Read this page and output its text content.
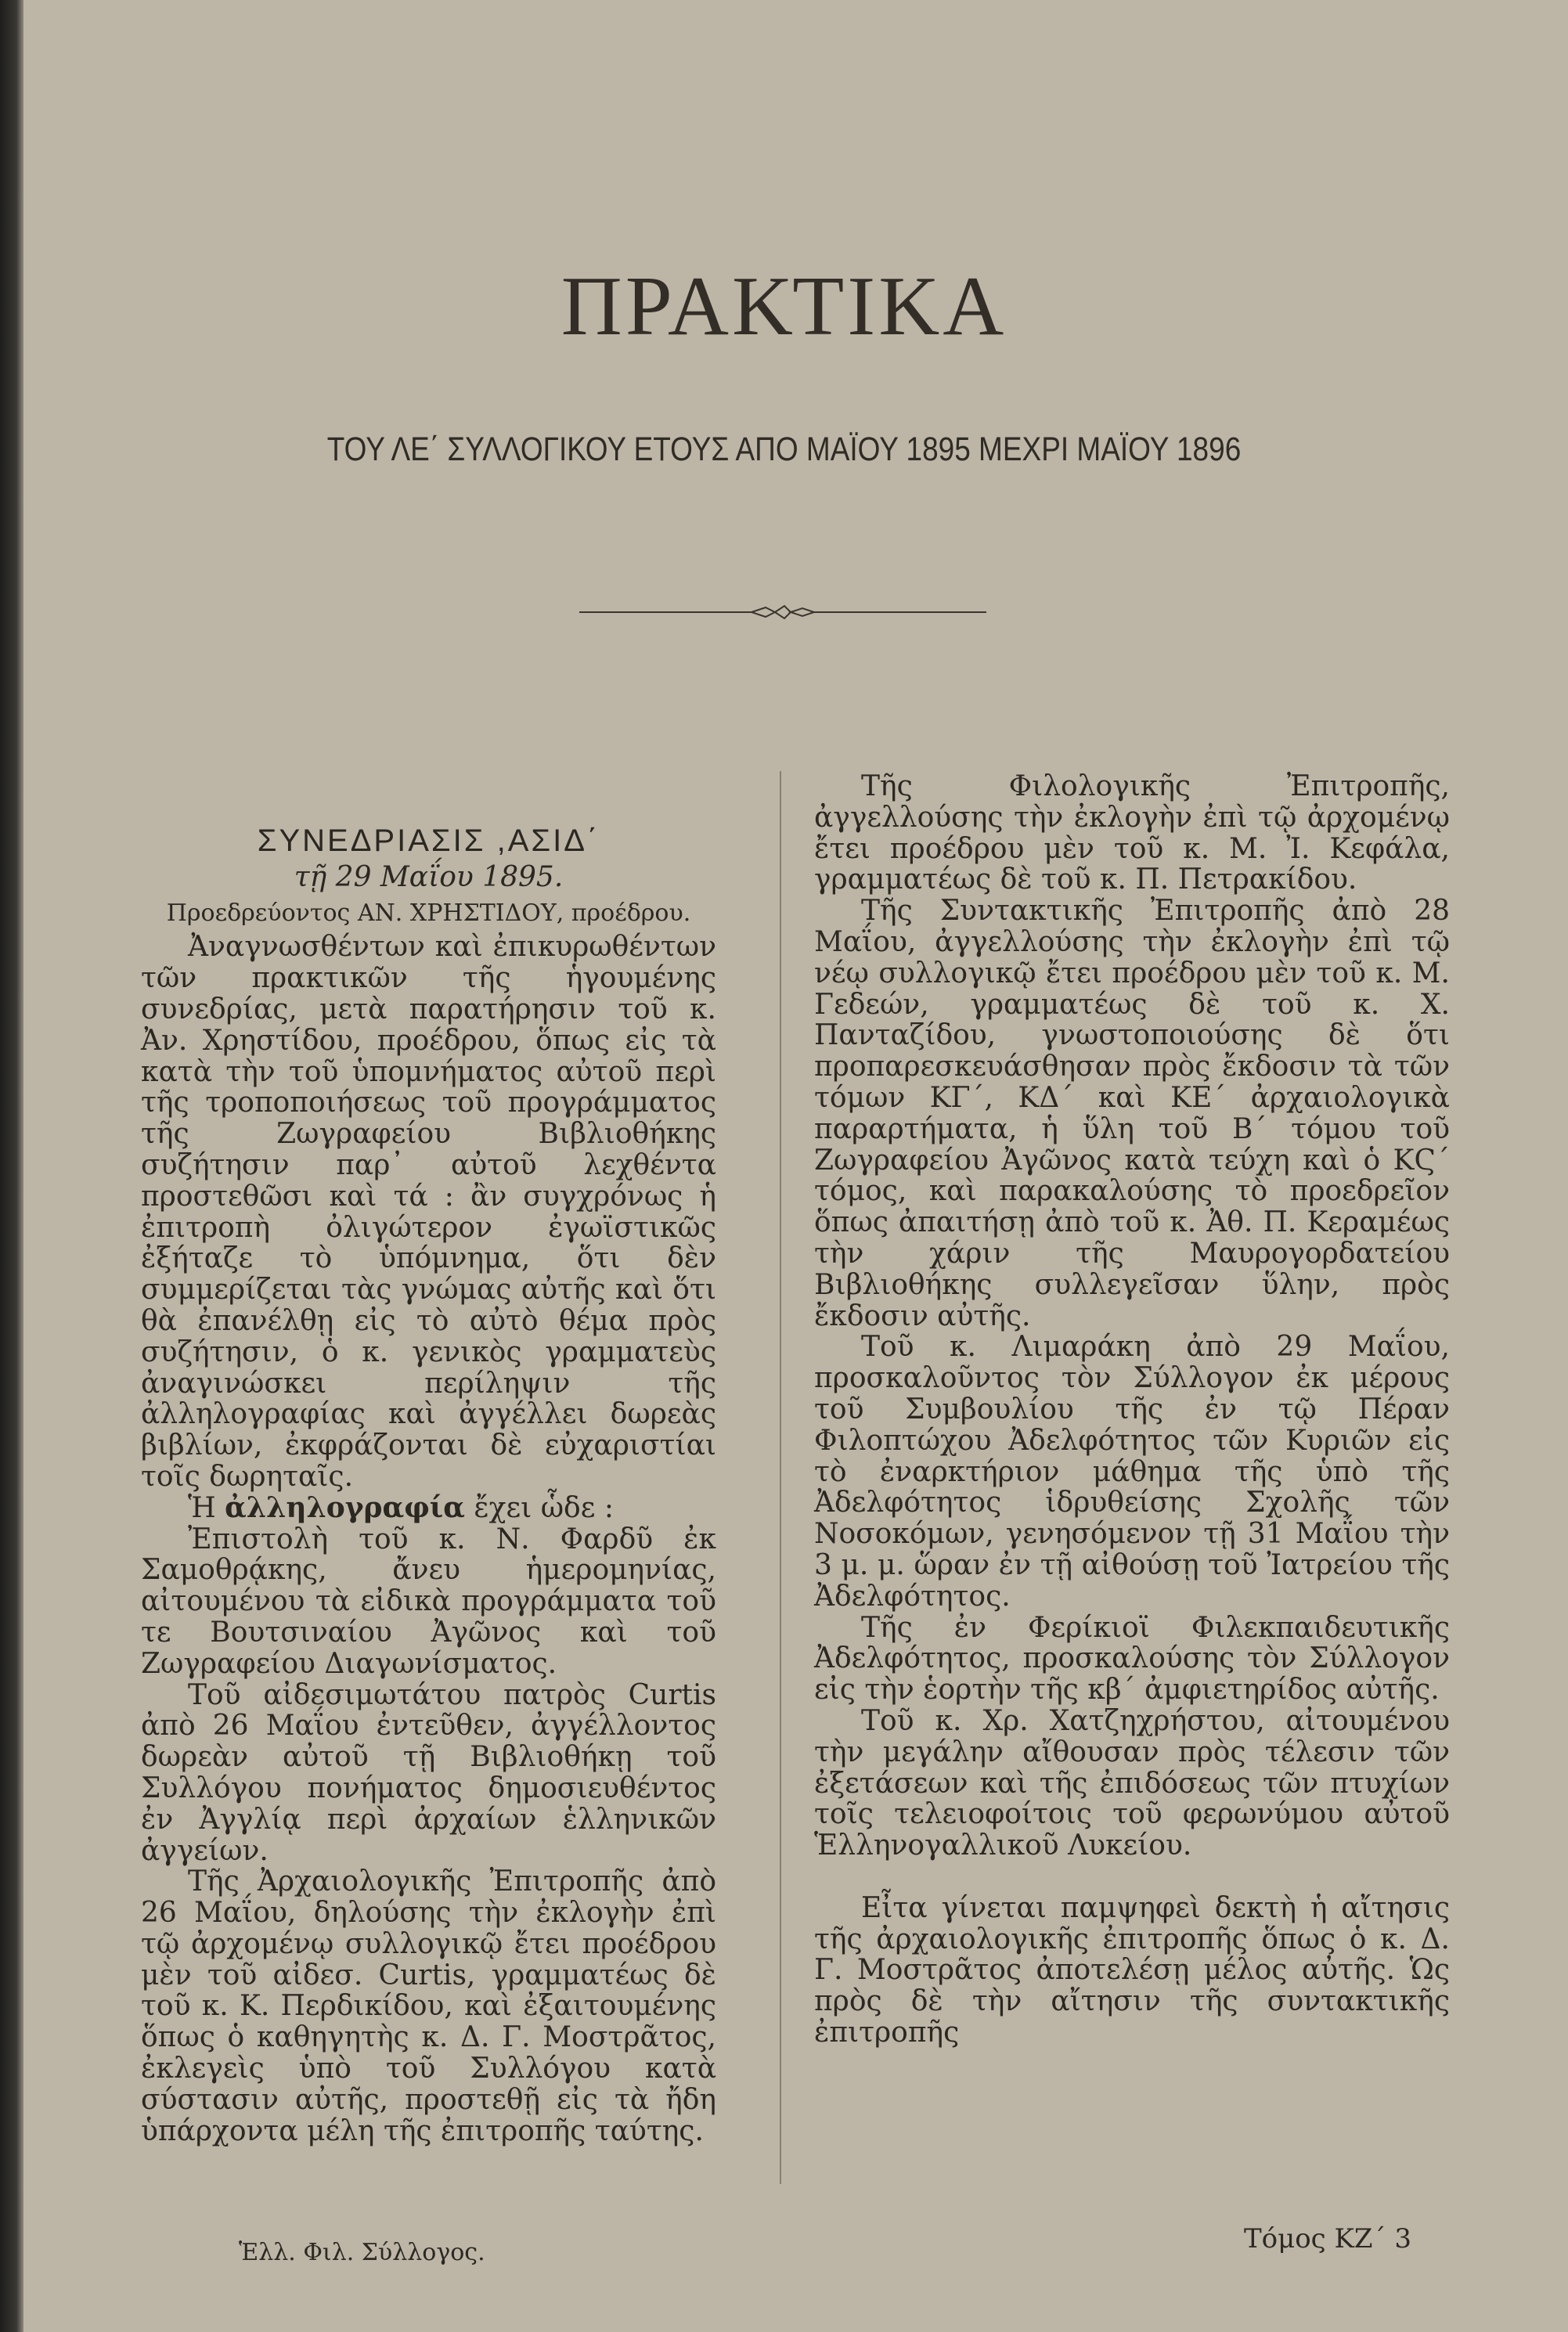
ΠΡΑΚΤΙΚΑ
ΤΟΥ ΛΕ΄ ΣΥΛΛΟΓΙΚΟΥ ΕΤΟΥΣ ΑΠΟ ΜΑΪΟΥ 1895 ΜΕΧΡΙ ΜΑΪΟΥ 1896

ΣΥΝΕΔΡΙΑΣΙΣ ,ΑΣΙΔ΄

τῇ 29 Μαΐου 1895.

Προεδρεύοντος ΑΝ. ΧΡΗΣΤΙΔΟΥ, προέδρου.

Ἀναγνωσθέντων καὶ ἐπικυρωθέντων τῶν πρακτικῶν τῆς ἡγουμένης συνεδρίας, μετὰ παρατήρησιν τοῦ κ. Ἀν. Χρηστίδου, προέδρου, ὅπως εἰς τὰ κατὰ τὴν τοῦ ὑπομνήματος αὐτοῦ περὶ τῆς τροποποιήσεως τοῦ προγράμματος τῆς Ζωγραφείου Βιβλιοθήκης συζήτησιν παρ᾿ αὐτοῦ λεχθέντα προστεθῶσι καὶ τά : ἂν συγχρόνως ἡ ἐπιτροπὴ ὀλιγώτερον ἐγωϊστικῶς ἐξήταζε τὸ ὑπόμνημα, ὅτι δὲν συμμερίζεται τὰς γνώμας αὐτῆς καὶ ὅτι θὰ ἐπανέλθῃ εἰς τὸ αὐτὸ θέμα πρὸς συζήτησιν, ὁ κ. γενικὸς γραμματεὺς ἀναγινώσκει περίληψιν τῆς ἀλληλογραφίας καὶ ἀγγέλλει δωρεὰς βιβλίων, ἐκφράζονται δὲ εὐχαριστίαι τοῖς δωρηταῖς.

Ἡ ἀλληλογραφία ἔχει ὧδε :

Ἐπιστολὴ τοῦ κ. Ν. Φαρδῦ ἐκ Σαμοθρᾴκης, ἄνευ ἡμερομηνίας, αἰτουμένου τὰ εἰδικὰ προγράμματα τοῦ τε Βουτσιναίου Ἀγῶνος καὶ τοῦ Ζωγραφείου Διαγωνίσματος.

Τοῦ αἰδεσιμωτάτου πατρὸς Curtis ἀπὸ 26 Μαΐου ἐντεῦθεν, ἀγγέλλοντος δωρεὰν αὐτοῦ τῇ Βιβλιοθήκῃ τοῦ Συλλόγου πονήματος δημοσιευθέντος ἐν Ἀγγλίᾳ περὶ ἀρχαίων ἑλληνικῶν ἀγγείων.

Τῆς Ἀρχαιολογικῆς Ἐπιτροπῆς ἀπὸ 26 Μαΐου, δηλούσης τὴν ἐκλογὴν ἐπὶ τῷ ἀρχομένῳ συλλογικῷ ἔτει προέδρου μὲν τοῦ αἰδεσ. Curtis, γραμματέως δὲ τοῦ κ. Κ. Περδικίδου, καὶ ἐξαιτουμένης ὅπως ὁ καθηγητὴς κ. Δ. Γ. Μοστρᾶτος, ἐκλεγεὶς ὑπὸ τοῦ Συλλόγου κατὰ σύστασιν αὐτῆς, προστεθῇ εἰς τὰ ἤδη ὑπάρχοντα μέλη τῆς ἐπιτροπῆς ταύτης.

Τῆς Φιλολογικῆς Ἐπιτροπῆς, ἀγγελλούσης τὴν ἐκλογὴν ἐπὶ τῷ ἀρχομένῳ ἔτει προέδρου μὲν τοῦ κ. Μ. Ἰ. Κεφάλα, γραμματέως δὲ τοῦ κ. Π. Πετρακίδου.

Τῆς Συντακτικῆς Ἐπιτροπῆς ἀπὸ 28 Μαΐου, ἀγγελλούσης τὴν ἐκλογὴν ἐπὶ τῷ νέῳ συλλογικῷ ἔτει προέδρου μὲν τοῦ κ. Μ. Γεδεών, γραμματέως δὲ τοῦ κ. Χ. Πανταζίδου, γνωστοποιούσης δὲ ὅτι προπαρεσκευάσθησαν πρὸς ἔκδοσιν τὰ τῶν τόμων ΚΓ΄, ΚΔ΄ καὶ ΚΕ΄ ἀρχαιολογικὰ παραρτήματα, ἡ ὕλη τοῦ Β΄ τόμου τοῦ Ζωγραφείου Ἀγῶνος κατὰ τεύχη καὶ ὁ ΚϚ΄ τόμος, καὶ παρακαλούσης τὸ προεδρεῖον ὅπως ἀπαιτήσῃ ἀπὸ τοῦ κ. Ἀθ. Π. Κεραμέως τὴν χάριν τῆς Μαυρογορδατείου Βιβλιοθήκης συλλεγεῖσαν ὕλην, πρὸς ἔκδοσιν αὐτῆς.

Τοῦ κ. Λιμαράκη ἀπὸ 29 Μαΐου, προσκαλοῦντος τὸν Σύλλογον ἐκ μέρους τοῦ Συμβουλίου τῆς ἐν τῷ Πέραν Φιλοπτώχου Ἀδελφότητος τῶν Κυριῶν εἰς τὸ ἐναρκτήριον μάθημα τῆς ὑπὸ τῆς Ἀδελφότητος ἱδρυθείσης Σχολῆς τῶν Νοσοκόμων, γενησόμενον τῇ 31 Μαΐου τὴν 3 μ. μ. ὥραν ἐν τῇ αἰθούσῃ τοῦ Ἰατρείου τῆς Ἀδελφότητος.

Τῆς ἐν Φερίκιοϊ Φιλεκπαιδευτικῆς Ἀδελφότητος, προσκαλούσης τὸν Σύλλογον εἰς τὴν ἑορτὴν τῆς κβ΄ ἀμφιετηρίδος αὐτῆς.

Τοῦ κ. Χρ. Χατζηχρήστου, αἰτουμένου τὴν μεγάλην αἴθουσαν πρὸς τέλεσιν τῶν ἐξετάσεων καὶ τῆς ἐπιδόσεως τῶν πτυχίων τοῖς τελειοφοίτοις τοῦ φερωνύμου αὐτοῦ Ἑλληνογαλλικοῦ Λυκείου.

Εἶτα γίνεται παμψηφεὶ δεκτὴ ἡ αἴτησις τῆς ἀρχαιολογικῆς ἐπιτροπῆς ὅπως ὁ κ. Δ. Γ. Μοστρᾶτος ἀποτελέσῃ μέλος αὐτῆς. Ὡς πρὸς δὲ τὴν αἴτησιν τῆς συντακτικῆς ἐπιτροπῆς

Ἑλλ. Φιλ. Σύλλογος.	Τόμος ΚΖ΄ 3
